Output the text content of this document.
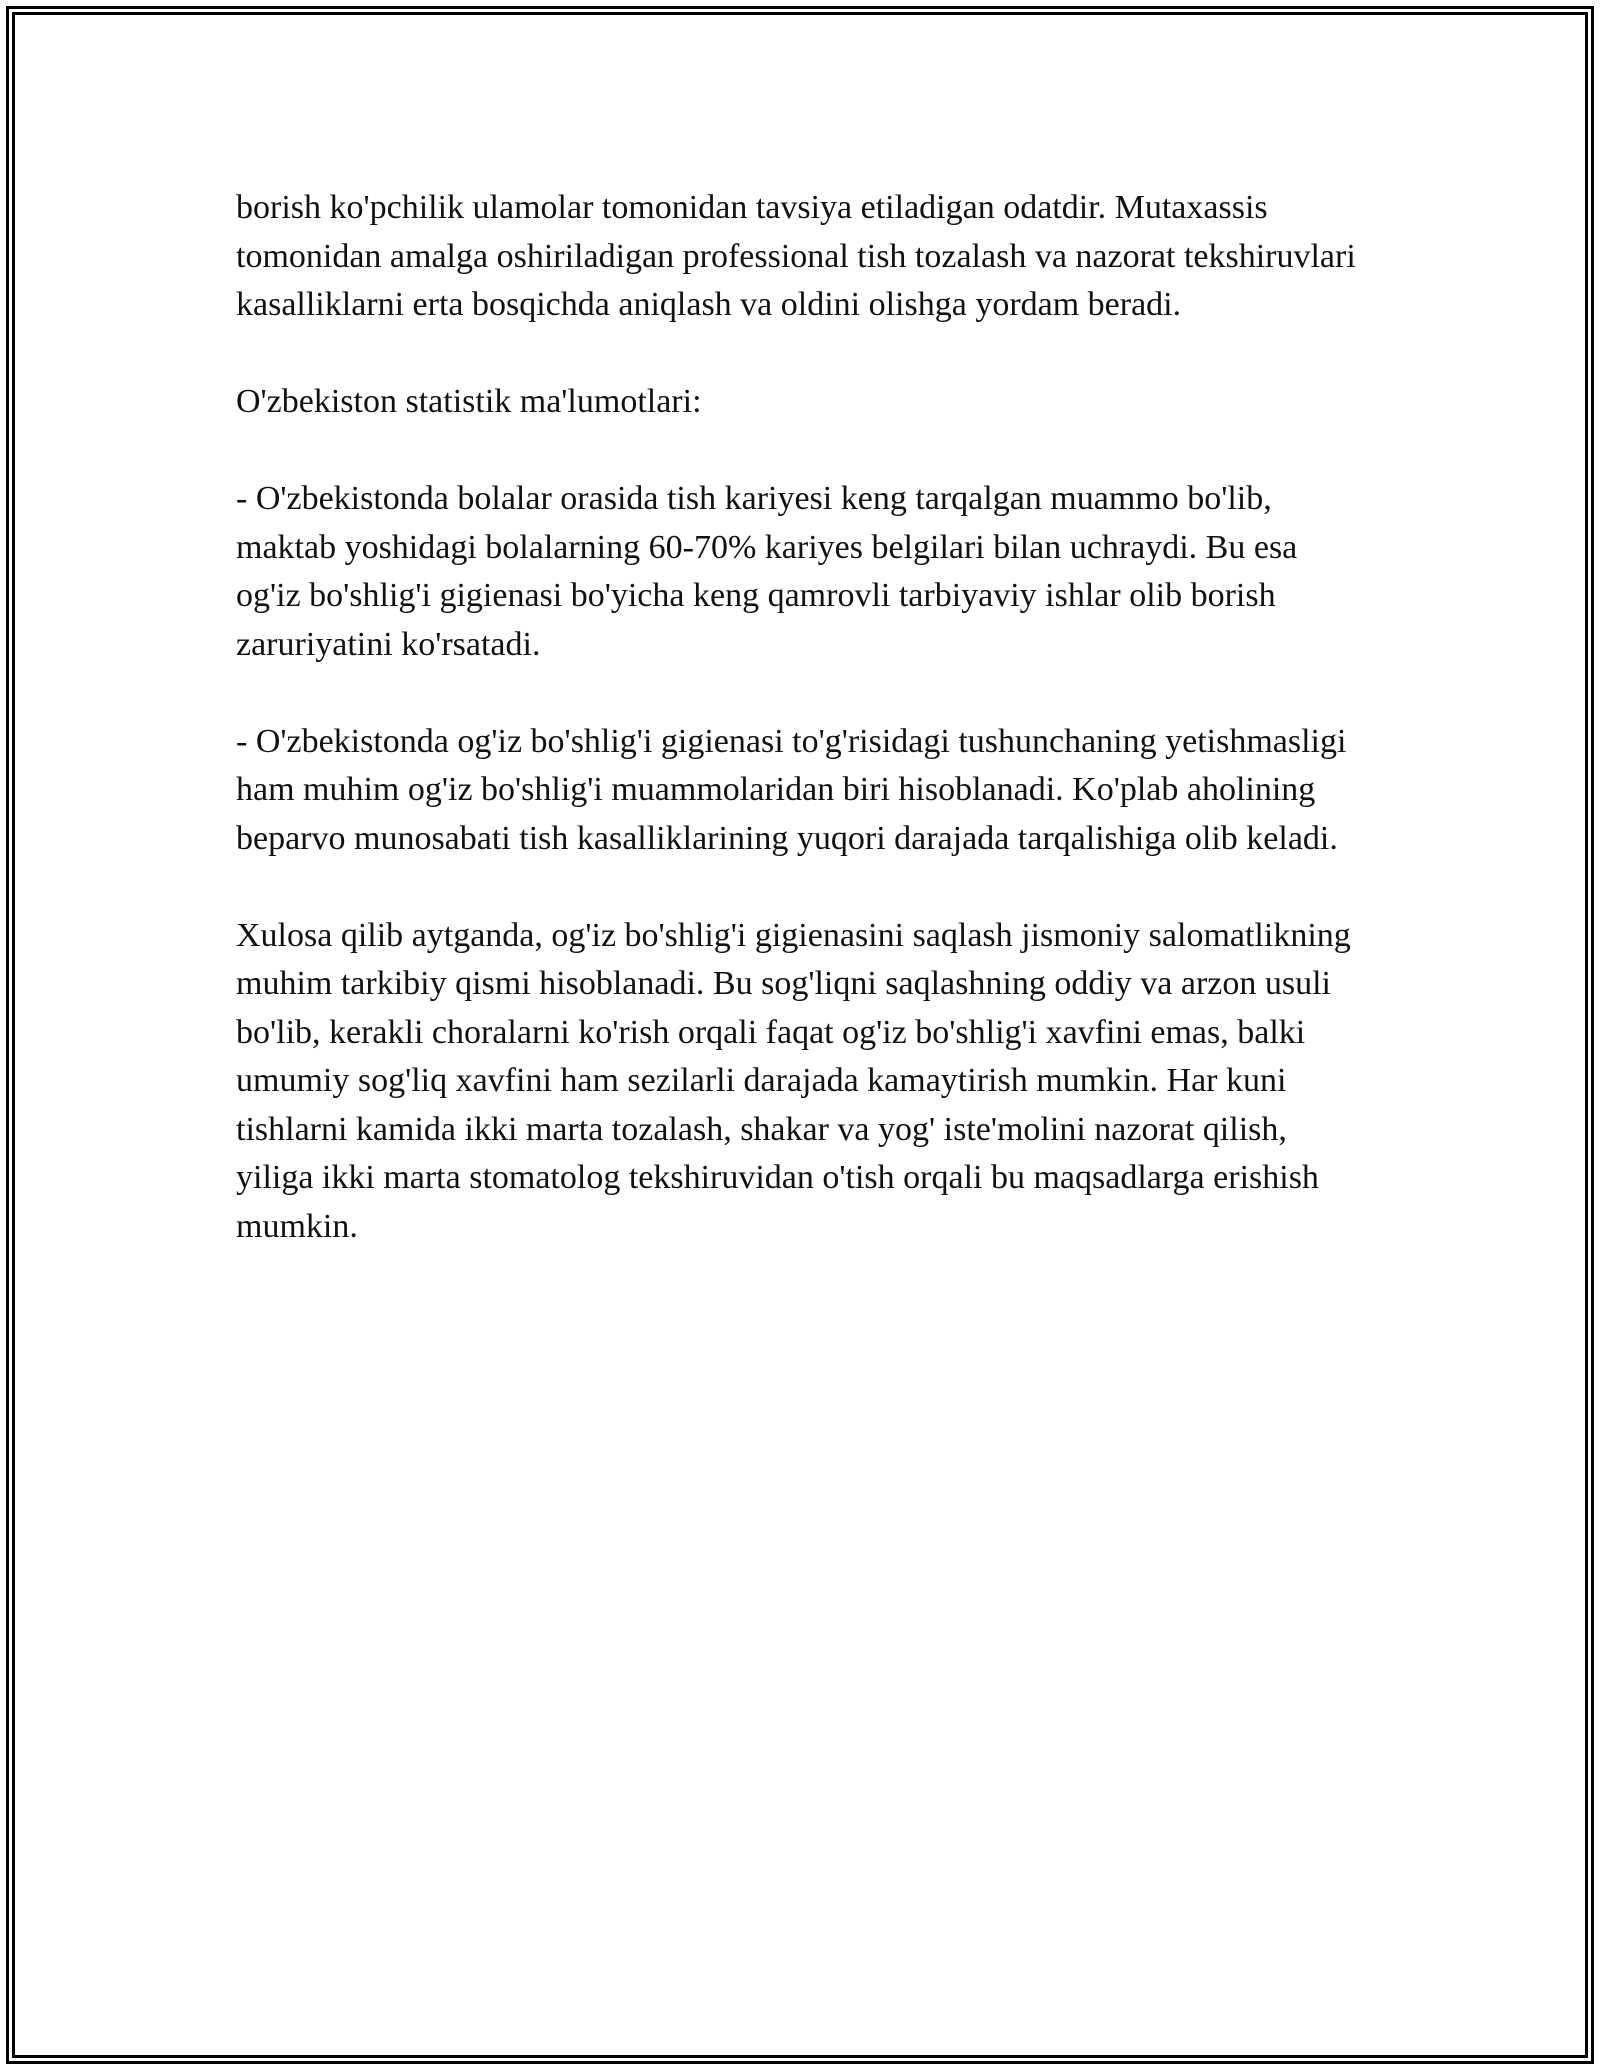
borish ko'pchilik ulamolar tomonidan tavsiya etiladigan odatdir. Mutaxassis tomonidan amalga oshiriladigan professional tish tozalash va nazorat tekshiruvlari kasalliklarni erta bosqichda aniqlash va oldini olishga yordam beradi.

O'zbekiston statistik ma'lumotlari:

- O'zbekistonda bolalar orasida tish kariyesi keng tarqalgan muammo bo'lib, maktab yoshidagi bolalarning 60-70% kariyes belgilari bilan uchraydi. Bu esa og'iz bo'shlig'i gigienasi bo'yicha keng qamrovli tarbiyaviy ishlar olib borish zaruriyatini ko'rsatadi.

- O'zbekistonda og'iz bo'shlig'i gigienasi to'g'risidagi tushunchaning yetishmasligi ham muhim og'iz bo'shlig'i muammolaridan biri hisoblanadi. Ko'plab aholining beparvo munosabati tish kasalliklarining yuqori darajada tarqalishiga olib keladi.

Xulosa qilib aytganda, og'iz bo'shlig'i gigienasini saqlash jismoniy salomatlikning muhim tarkibiy qismi hisoblanadi. Bu sog'liqni saqlashning oddiy va arzon usuli bo'lib, kerakli choralarni ko'rish orqali faqat og'iz bo'shlig'i xavfini emas, balki umumiy sog'liq xavfini ham sezilarli darajada kamaytirish mumkin. Har kuni tishlarni kamida ikki marta tozalash, shakar va yog' iste'molini nazorat qilish, yiliga ikki marta stomatolog tekshiruvidan o'tish orqali bu maqsadlarga erishish mumkin.
